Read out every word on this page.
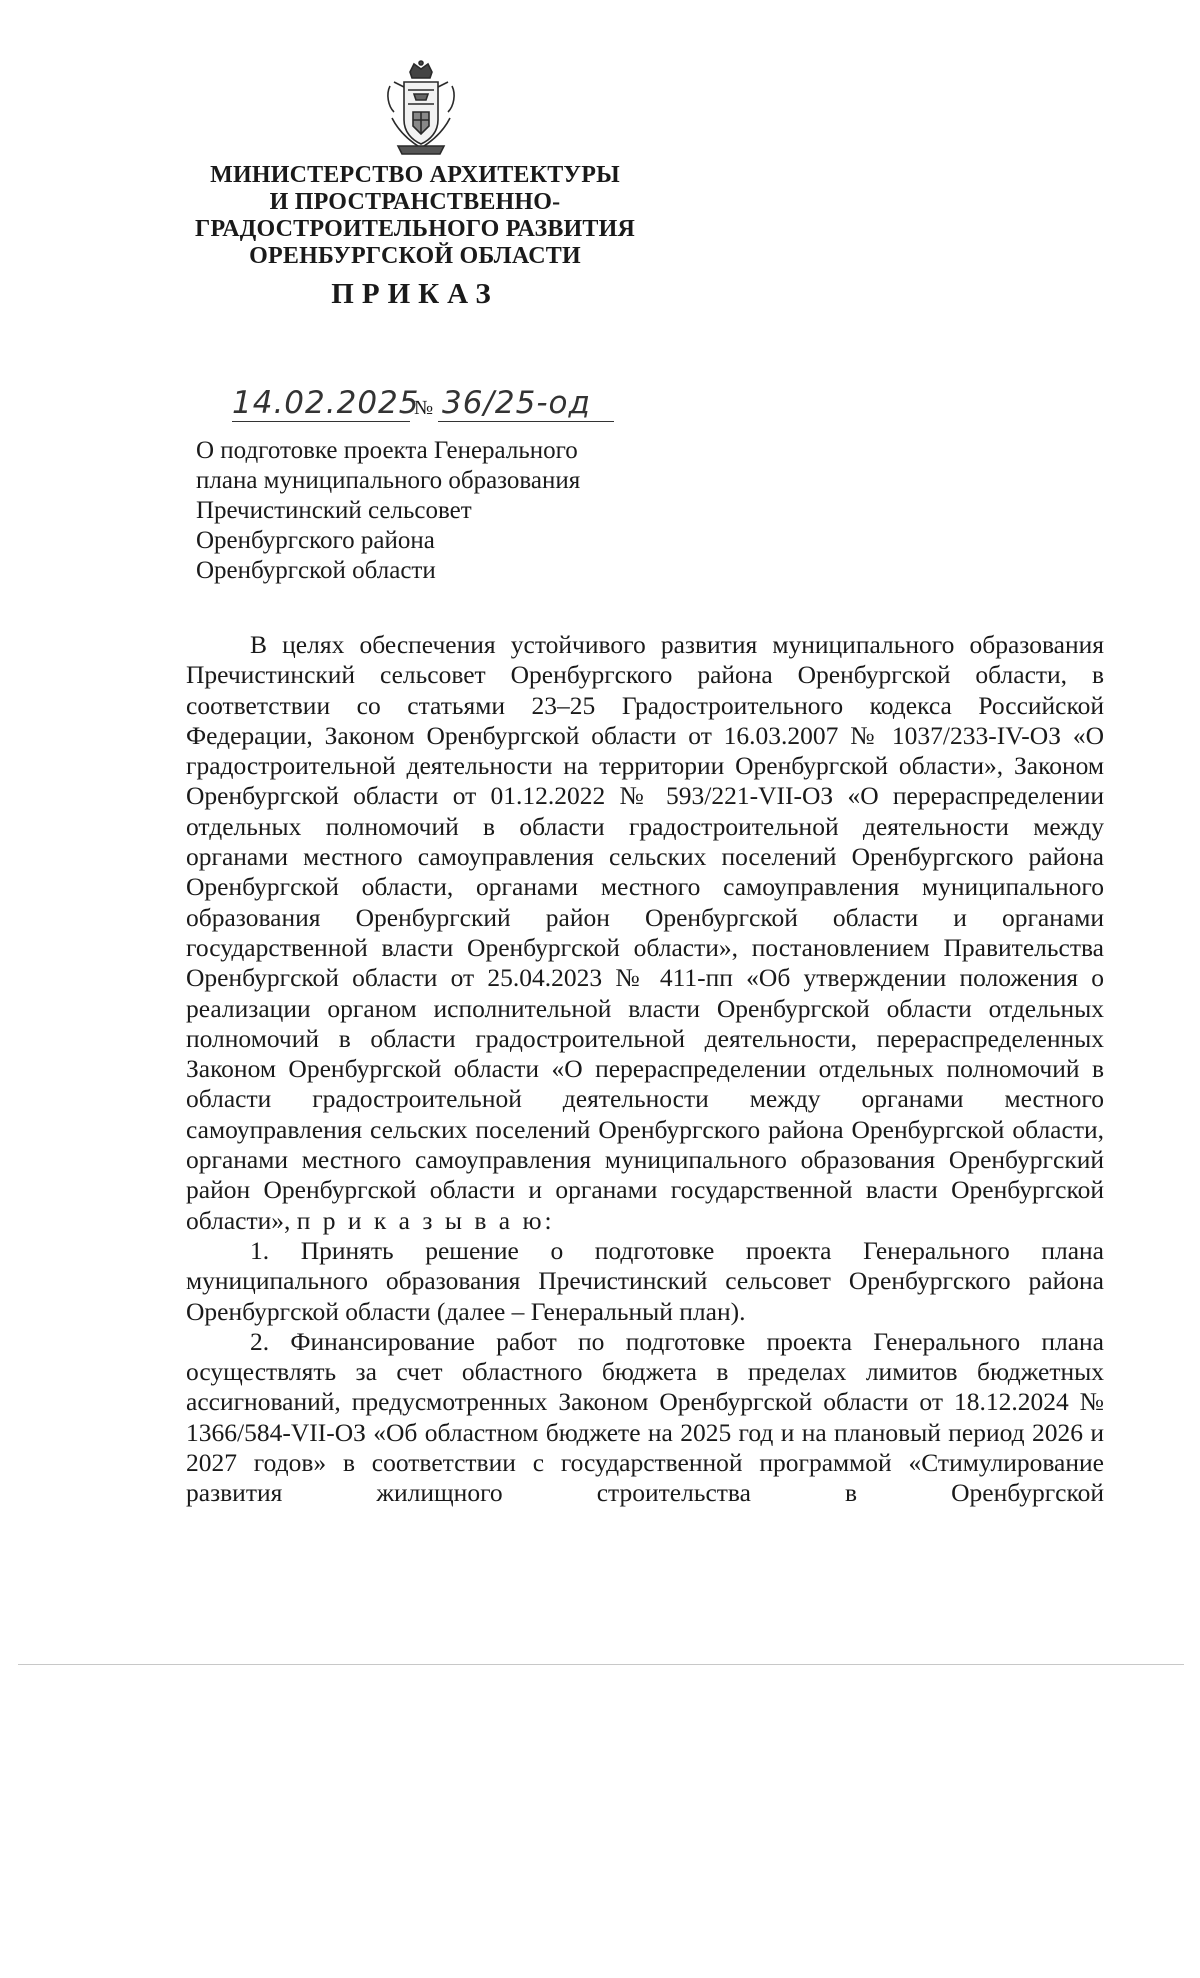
МИНИСТЕРСТВО АРХИТЕКТУРЫ
И ПРОСТРАНСТВЕННО-
ГРАДОСТРОИТЕЛЬНОГО РАЗВИТИЯ
ОРЕНБУРГСКОЙ ОБЛАСТИ
ПРИКАЗ
14.02.2025
№ 36/25-од
О подготовке проекта Генерального
плана муниципального образования
Пречистинский сельсовет
Оренбургского района
Оренбургской области

В целях обеспечения устойчивого развития муниципального образования Пречистинский сельсовет Оренбургского района Оренбургской области, в соответствии со статьями 23–25 Градостроительного кодекса Российской Федерации, Законом Оренбургской области от 16.03.2007 № 1037/233-IV-ОЗ «О градостроительной деятельности на территории Оренбургской области», Законом Оренбургской области от 01.12.2022 № 593/221-VII-ОЗ «О перераспределении отдельных полномочий в области градостроительной деятельности между органами местного самоуправления сельских поселений Оренбургского района Оренбургской области, органами местного самоуправления муниципального образования Оренбургский район Оренбургской области и органами государственной власти Оренбургской области», постановлением Правительства Оренбургской области от 25.04.2023 № 411-пп «Об утверждении положения о реализации органом исполнительной власти Оренбургской области отдельных полномочий в области градостроительной деятельности, перераспределенных Законом Оренбургской области «О перераспределении отдельных полномочий в области градостроительной деятельности между органами местного самоуправления сельских поселений Оренбургского района Оренбургской области, органами местного самоуправления муниципального образования Оренбургский район Оренбургской области и органами государственной власти Оренбургской области», п р и к а з ы в а ю:

1. Принять решение о подготовке проекта Генерального плана муниципального образования Пречистинский сельсовет Оренбургского района Оренбургской области (далее – Генеральный план).

2. Финансирование работ по подготовке проекта Генерального плана осуществлять за счет областного бюджета в пределах лимитов бюджетных ассигнований, предусмотренных Законом Оренбургской области от 18.12.2024 № 1366/584-VII-ОЗ «Об областном бюджете на 2025 год и на плановый период 2026 и 2027 годов» в соответствии с государственной программой «Стимулирование развития жилищного строительства в Оренбургской
